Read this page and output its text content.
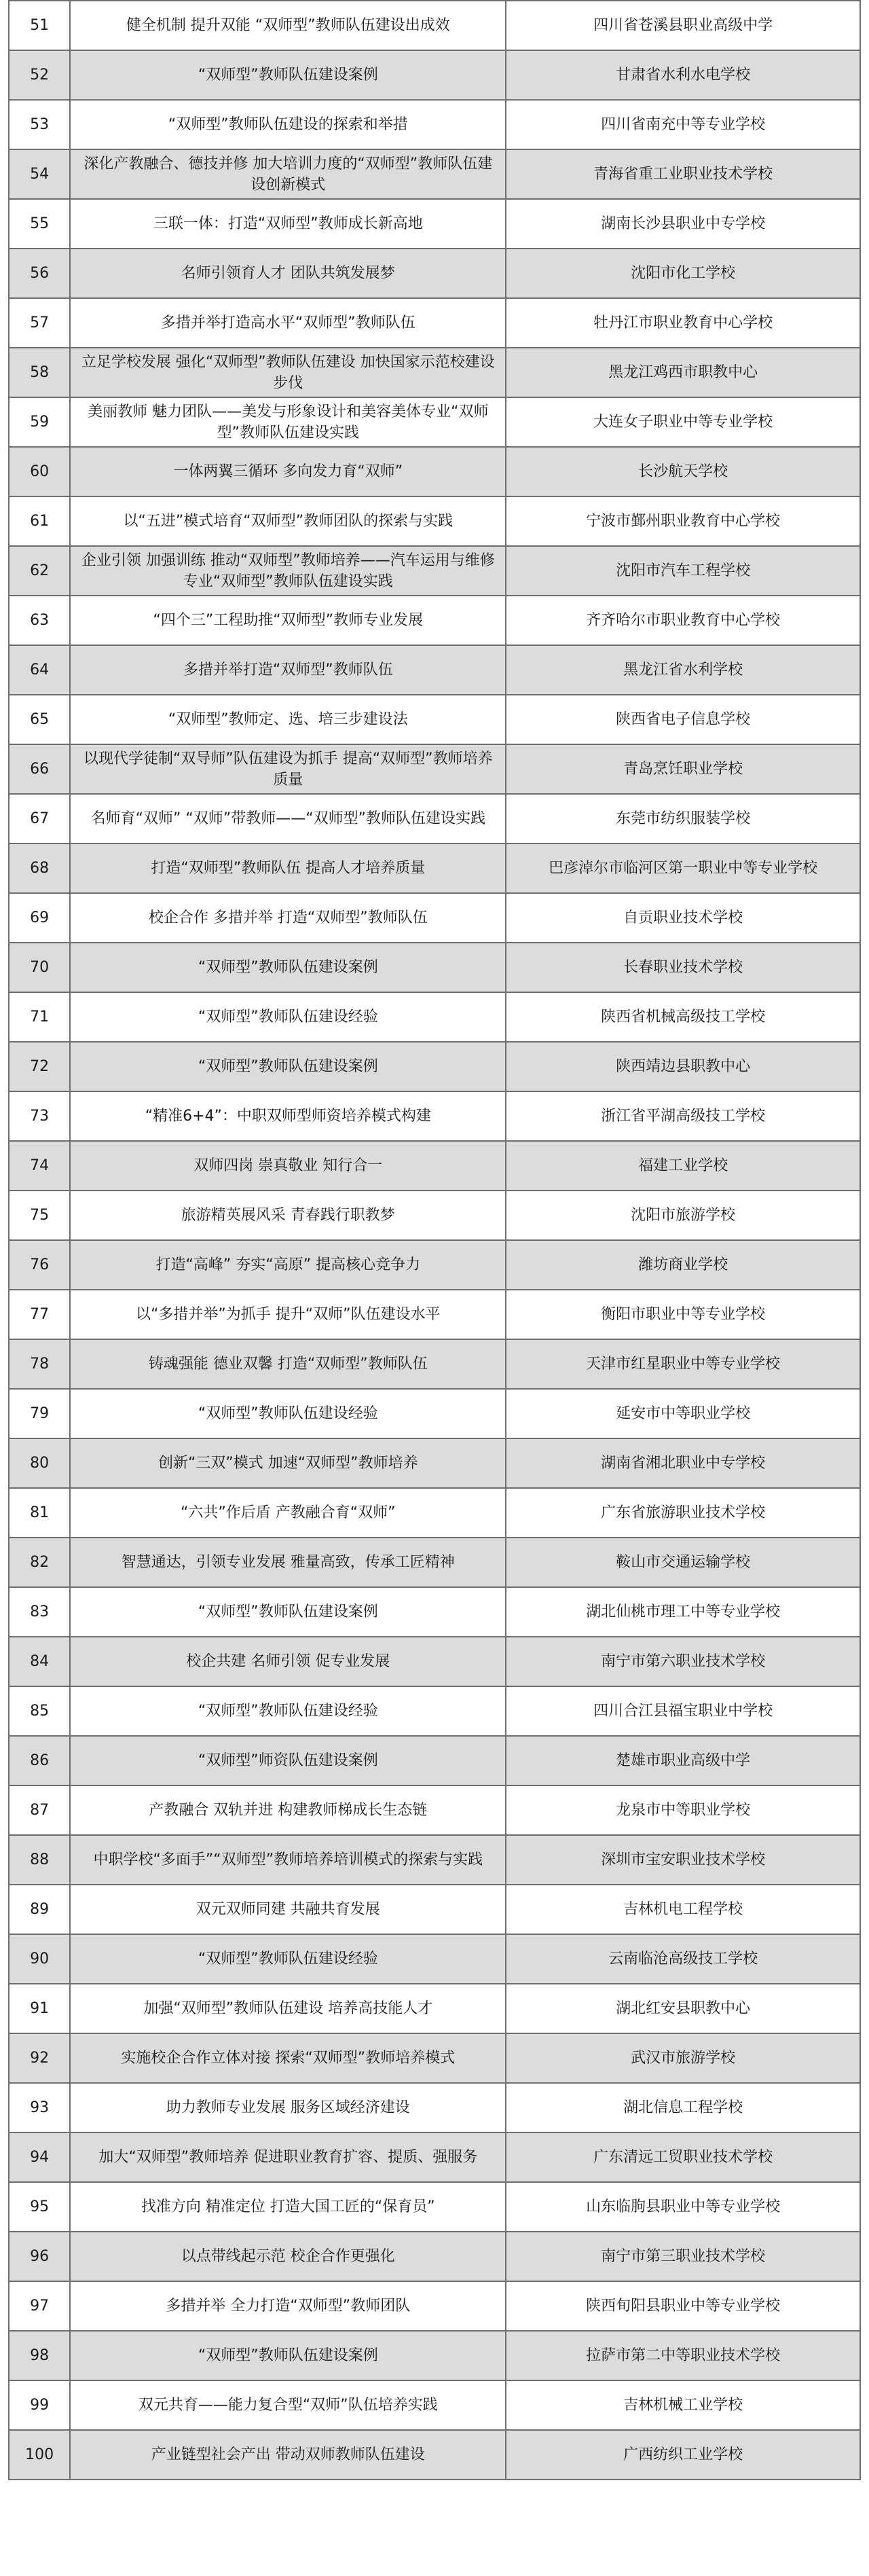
51	健全机制 提升双能 “双师型”教师队伍建设出成效	四川省苍溪县职业高级中学
52	“双师型”教师队伍建设案例	甘肃省水利水电学校
53	“双师型”教师队伍建设的探索和举措	四川省南充中等专业学校
54	深化产教融合、德技并修 加大培训力度的“双师型”教师队伍建设创新模式	青海省重工业职业技术学校
55	三联一体：打造“双师型”教师成长新高地	湖南长沙县职业中专学校
56	名师引领育人才 团队共筑发展梦	沈阳市化工学校
57	多措并举打造高水平“双师型”教师队伍	牡丹江市职业教育中心学校
58	立足学校发展 强化“双师型”教师队伍建设 加快国家示范校建设步伐	黑龙江鸡西市职教中心
59	美丽教师 魅力团队——美发与形象设计和美容美体专业“双师型”教师队伍建设实践	大连女子职业中等专业学校
60	一体两翼三循环 多向发力育“双师”	长沙航天学校
61	以“五进”模式培育“双师型”教师团队的探索与实践	宁波市鄞州职业教育中心学校
62	企业引领 加强训练 推动“双师型”教师培养——汽车运用与维修专业“双师型”教师队伍建设实践	沈阳市汽车工程学校
63	“四个三”工程助推“双师型”教师专业发展	齐齐哈尔市职业教育中心学校
64	多措并举打造“双师型”教师队伍	黑龙江省水利学校
65	“双师型”教师定、选、培三步建设法	陕西省电子信息学校
66	以现代学徒制“双导师”队伍建设为抓手 提高“双师型”教师培养质量	青岛烹饪职业学校
67	名师育“双师” “双师”带教师——“双师型”教师队伍建设实践	东莞市纺织服装学校
68	打造“双师型”教师队伍 提高人才培养质量	巴彦淖尔市临河区第一职业中等专业学校
69	校企合作 多措并举 打造“双师型”教师队伍	自贡职业技术学校
70	“双师型”教师队伍建设案例	长春职业技术学校
71	“双师型”教师队伍建设经验	陕西省机械高级技工学校
72	“双师型”教师队伍建设案例	陕西靖边县职教中心
73	“精准6+4”：中职双师型师资培养模式构建	浙江省平湖高级技工学校
74	双师四岗 崇真敬业 知行合一	福建工业学校
75	旅游精英展风采 青春践行职教梦	沈阳市旅游学校
76	打造“高峰” 夯实“高原” 提高核心竞争力	潍坊商业学校
77	以“多措并举”为抓手 提升“双师”队伍建设水平	衡阳市职业中等专业学校
78	铸魂强能 德业双馨 打造“双师型”教师队伍	天津市红星职业中等专业学校
79	“双师型”教师队伍建设经验	延安市中等职业学校
80	创新“三双”模式 加速“双师型”教师培养	湖南省湘北职业中专学校
81	“六共”作后盾 产教融合育“双师”	广东省旅游职业技术学校
82	智慧通达，引领专业发展 雅量高致，传承工匠精神	鞍山市交通运输学校
83	“双师型”教师队伍建设案例	湖北仙桃市理工中等专业学校
84	校企共建 名师引领 促专业发展	南宁市第六职业技术学校
85	“双师型”教师队伍建设经验	四川合江县福宝职业中学校
86	“双师型”师资队伍建设案例	楚雄市职业高级中学
87	产教融合 双轨并进 构建教师梯成长生态链	龙泉市中等职业学校
88	中职学校“多面手”“双师型”教师培养培训模式的探索与实践	深圳市宝安职业技术学校
89	双元双师同建 共融共育发展	吉林机电工程学校
90	“双师型”教师队伍建设经验	云南临沧高级技工学校
91	加强“双师型”教师队伍建设 培养高技能人才	湖北红安县职教中心
92	实施校企合作立体对接 探索“双师型”教师培养模式	武汉市旅游学校
93	助力教师专业发展 服务区域经济建设	湖北信息工程学校
94	加大“双师型”教师培养 促进职业教育扩容、提质、强服务	广东清远工贸职业技术学校
95	找准方向 精准定位 打造大国工匠的“保育员”	山东临朐县职业中等专业学校
96	以点带线起示范 校企合作更强化	南宁市第三职业技术学校
97	多措并举 全力打造“双师型”教师团队	陕西旬阳县职业中等专业学校
98	“双师型”教师队伍建设案例	拉萨市第二中等职业技术学校
99	双元共育——能力复合型“双师”队伍培养实践	吉林机械工业学校
100	产业链型社会产出 带动双师教师队伍建设	广西纺织工业学校
